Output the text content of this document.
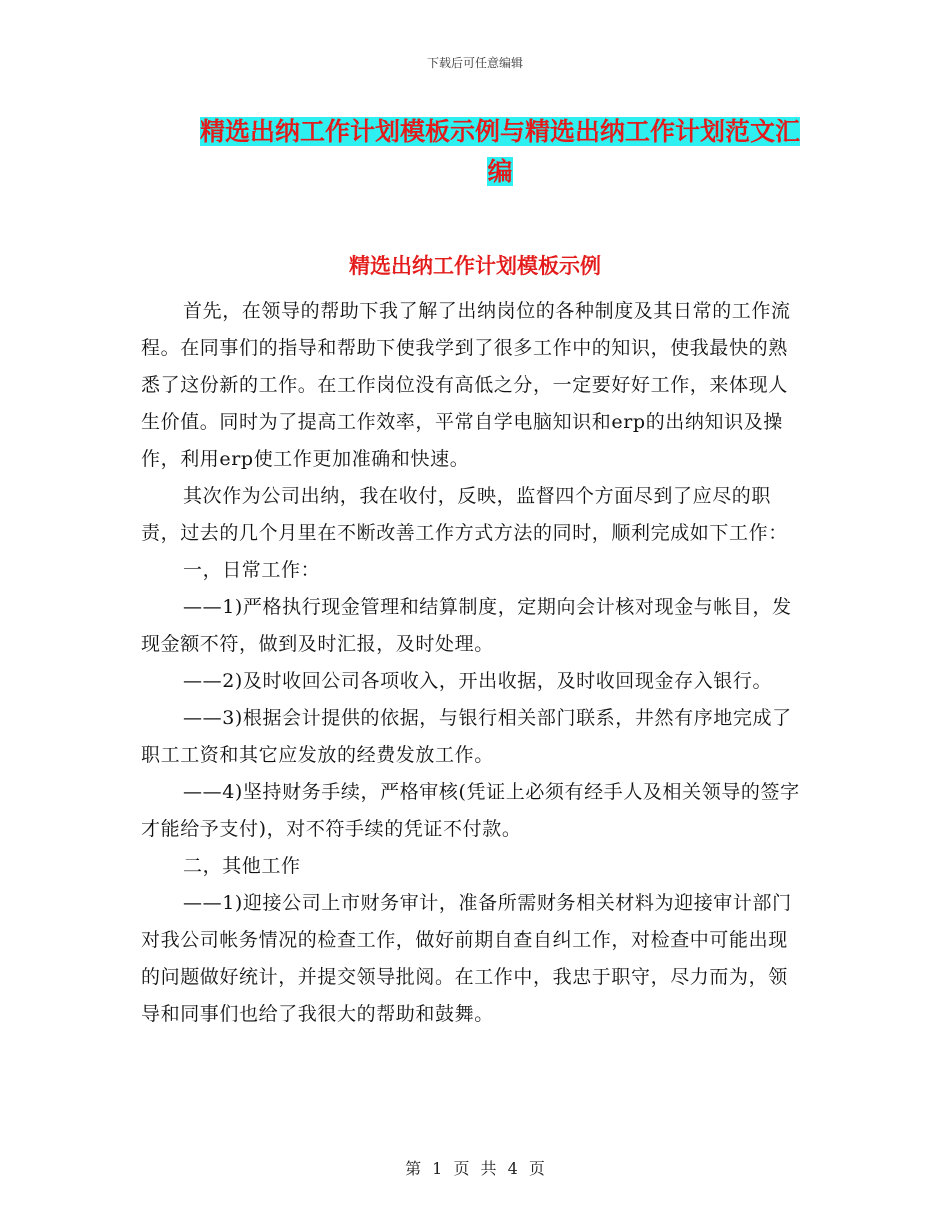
下载后可任意编辑
精选出纳工作计划模板示例与精选出纳工作计划范文汇编
精选出纳工作计划模板示例

首先，在领导的帮助下我了解了出纳岗位的各种制度及其日常的工作流程。在同事们的指导和帮助下使我学到了很多工作中的知识，使我最快的熟悉了这份新的工作。在工作岗位没有高低之分，一定要好好工作，来体现人生价值。同时为了提高工作效率，平常自学电脑知识和erp的出纳知识及操作，利用erp使工作更加准确和快速。

其次作为公司出纳，我在收付，反映，监督四个方面尽到了应尽的职责，过去的几个月里在不断改善工作方式方法的同时，顺利完成如下工作：

一，日常工作：

——1)严格执行现金管理和结算制度，定期向会计核对现金与帐目，发现金额不符，做到及时汇报，及时处理。

——2)及时收回公司各项收入，开出收据，及时收回现金存入银行。

——3)根据会计提供的依据，与银行相关部门联系，井然有序地完成了职工工资和其它应发放的经费发放工作。

——4)坚持财务手续，严格审核(凭证上必须有经手人及相关领导的签字才能给予支付)，对不符手续的凭证不付款。

二，其他工作

——1)迎接公司上市财务审计，准备所需财务相关材料为迎接审计部门对我公司帐务情况的检查工作，做好前期自查自纠工作，对检查中可能出现的问题做好统计，并提交领导批阅。在工作中，我忠于职守，尽力而为，领导和同事们也给了我很大的帮助和鼓舞。

第 1 页 共 4 页
